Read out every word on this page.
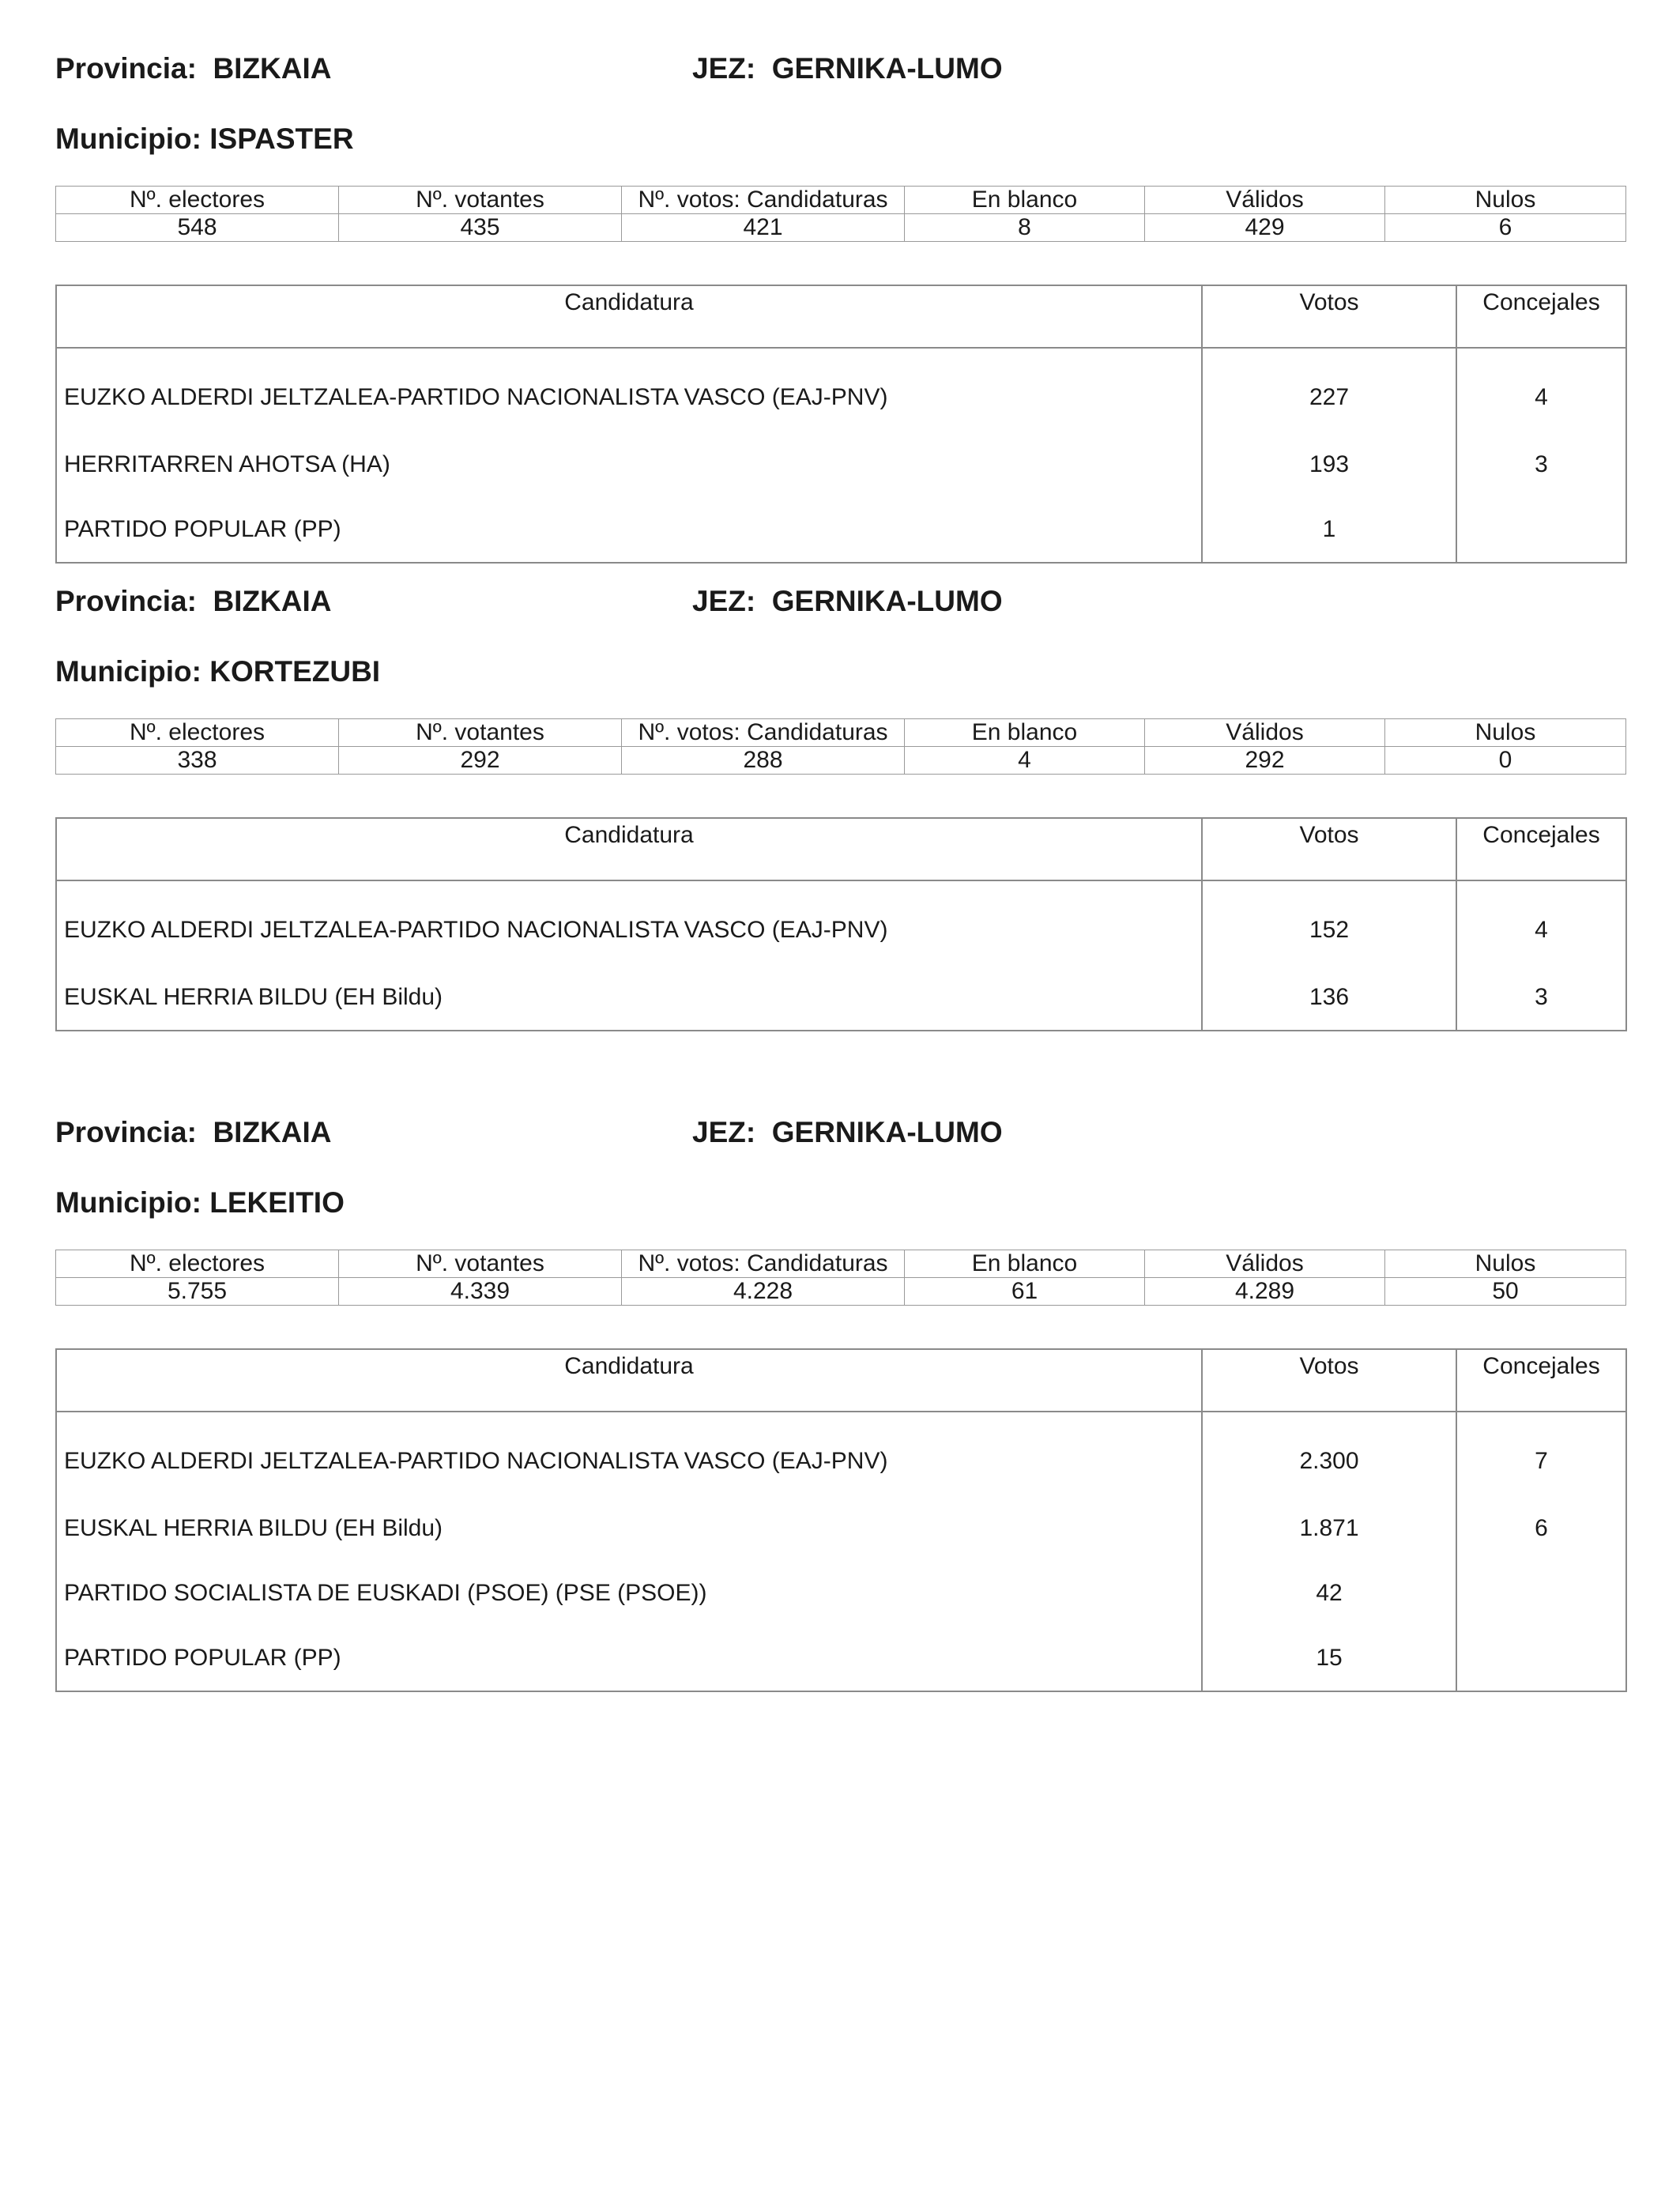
Provincia:  BIZKAIA	JEZ:  GERNIKA-LUMO
Municipio: ISPASTER
Nº. electores	Nº. votantes	Nº. votos: Candidaturas	En blanco	Válidos	Nulos
548	435	421	8	429	6
Candidatura	Votos	Concejales
EUZKO ALDERDI JELTZALEA-PARTIDO NACIONALISTA VASCO (EAJ-PNV)	227	4
HERRITARREN AHOTSA (HA)	193	3
PARTIDO POPULAR (PP)	1	
Provincia:  BIZKAIA	JEZ:  GERNIKA-LUMO
Municipio: KORTEZUBI
Nº. electores	Nº. votantes	Nº. votos: Candidaturas	En blanco	Válidos	Nulos
338	292	288	4	292	0
Candidatura	Votos	Concejales
EUZKO ALDERDI JELTZALEA-PARTIDO NACIONALISTA VASCO (EAJ-PNV)	152	4
EUSKAL HERRIA BILDU (EH Bildu)	136	3
Provincia:  BIZKAIA	JEZ:  GERNIKA-LUMO
Municipio: LEKEITIO
Nº. electores	Nº. votantes	Nº. votos: Candidaturas	En blanco	Válidos	Nulos
5.755	4.339	4.228	61	4.289	50
Candidatura	Votos	Concejales
EUZKO ALDERDI JELTZALEA-PARTIDO NACIONALISTA VASCO (EAJ-PNV)	2.300	7
EUSKAL HERRIA BILDU (EH Bildu)	1.871	6
PARTIDO SOCIALISTA DE EUSKADI (PSOE) (PSE (PSOE))	42	
PARTIDO POPULAR (PP)	15	
